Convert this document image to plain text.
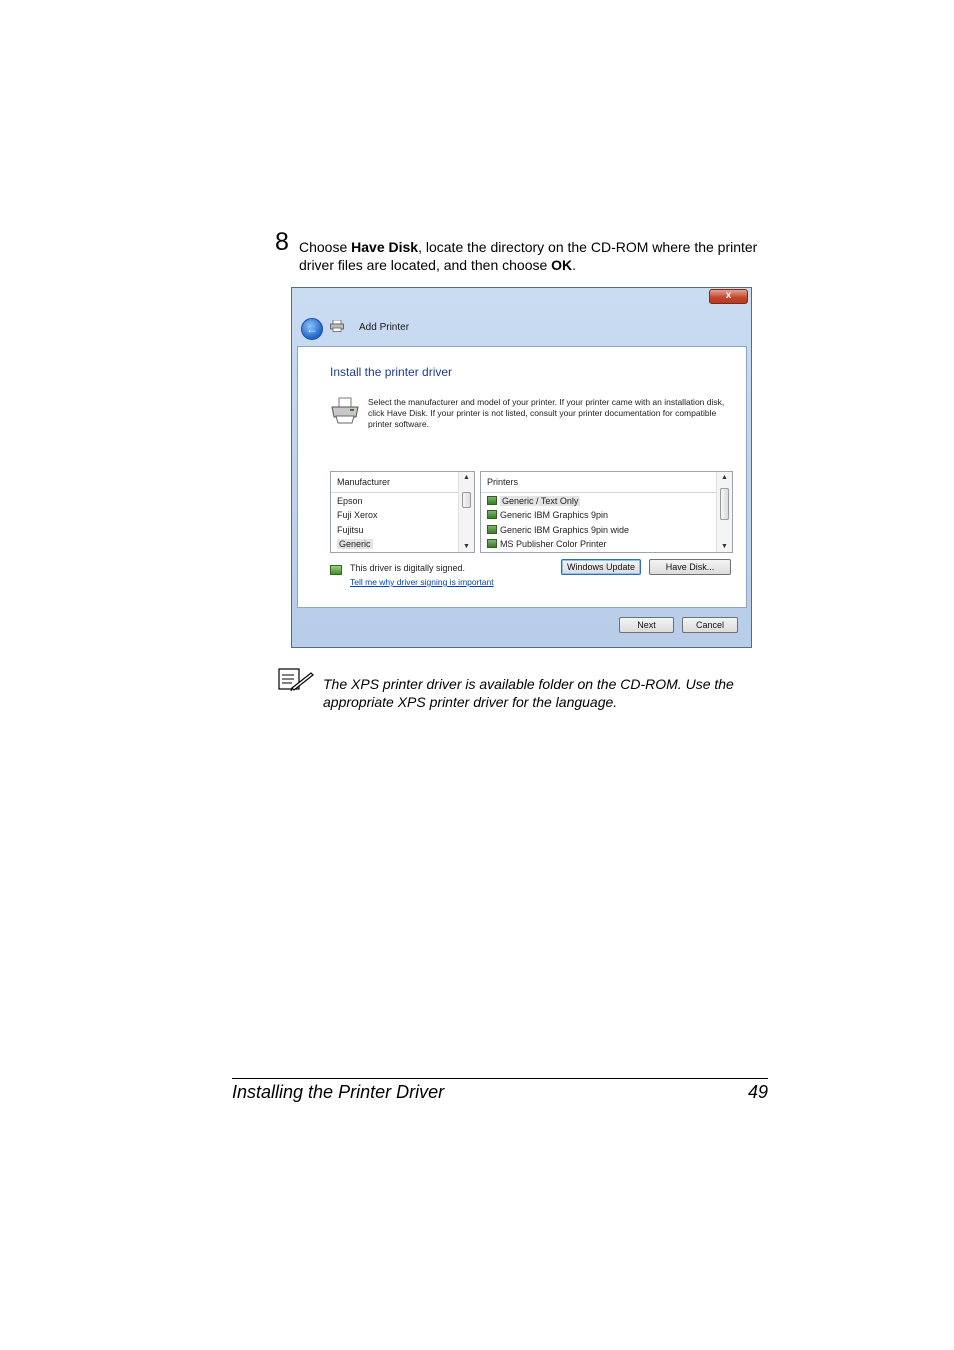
8 Choose Have Disk, locate the directory on the CD-ROM where the printer driver files are located, and then choose OK.
x
←	Add Printer
Install the printer driver
Select the manufacturer and model of your printer. If your printer came with an installation disk, click Have Disk. If your printer is not listed, consult your printer documentation for compatible printer software.
Manufacturer
Epson
Fuji Xerox
Fujitsu
Generic
▲
▼
Printers
Generic / Text Only
Generic IBM Graphics 9pin
Generic IBM Graphics 9pin wide
MS Publisher Color Printer
▲
▼
This driver is digitally signed.
Tell me why driver signing is important
Windows Update	Have Disk...
Next	Cancel
The XPS printer driver is available folder on the CD-ROM. Use the appropriate XPS printer driver for the language.
Installing the Printer Driver	49
